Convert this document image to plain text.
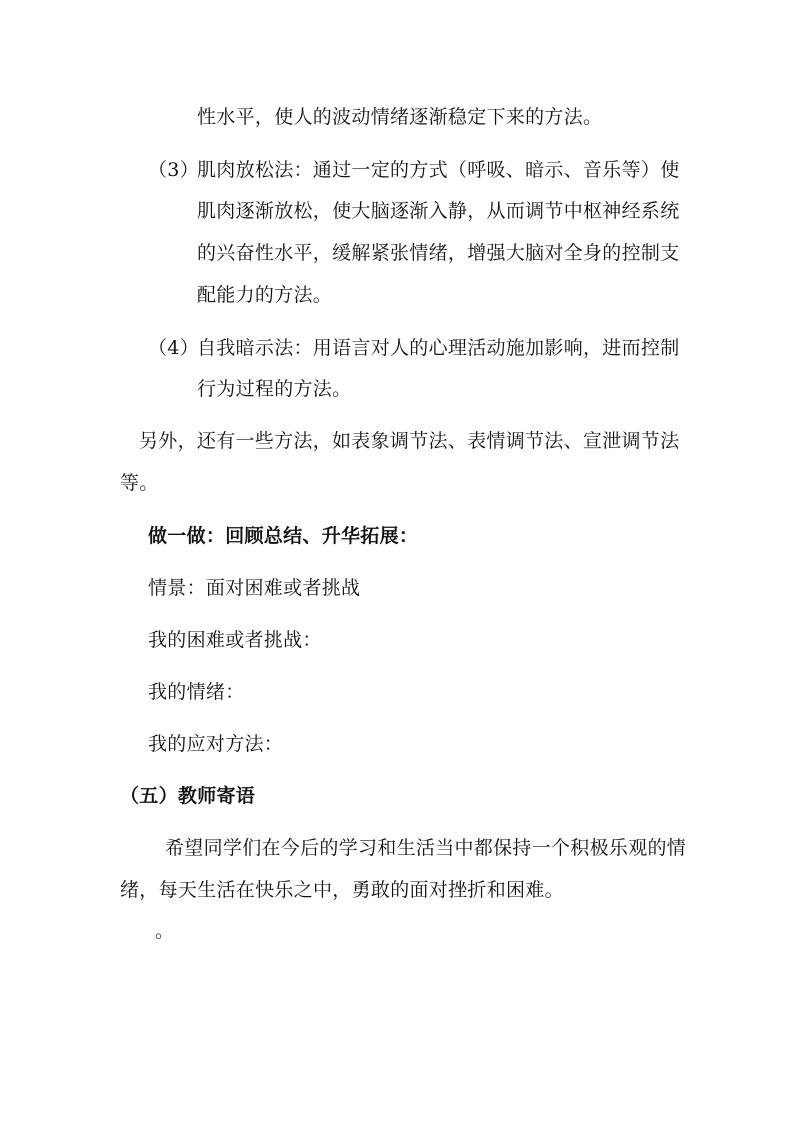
性水平，使人的波动情绪逐渐稳定下来的方法。
（3）
肌肉放松法：通过一定的方式（呼吸、暗示、音乐等）使
肌肉逐渐放松，使大脑逐渐入静，从而调节中枢神经系统
的兴奋性水平，缓解紧张情绪，增强大脑对全身的控制支
配能力的方法。
（4）
自我暗示法：用语言对人的心理活动施加影响，进而控制
行为过程的方法。
另外，还有一些方法，如表象调节法、表情调节法、宣泄调节法
等。
做一做：回顾总结、升华拓展：
情景：面对困难或者挑战
我的困难或者挑战：
我的情绪：
我的应对方法：
（五）教师寄语
希望同学们在今后的学习和生活当中都保持一个积极乐观的情
绪，每天生活在快乐之中，勇敢的面对挫折和困难。
。
